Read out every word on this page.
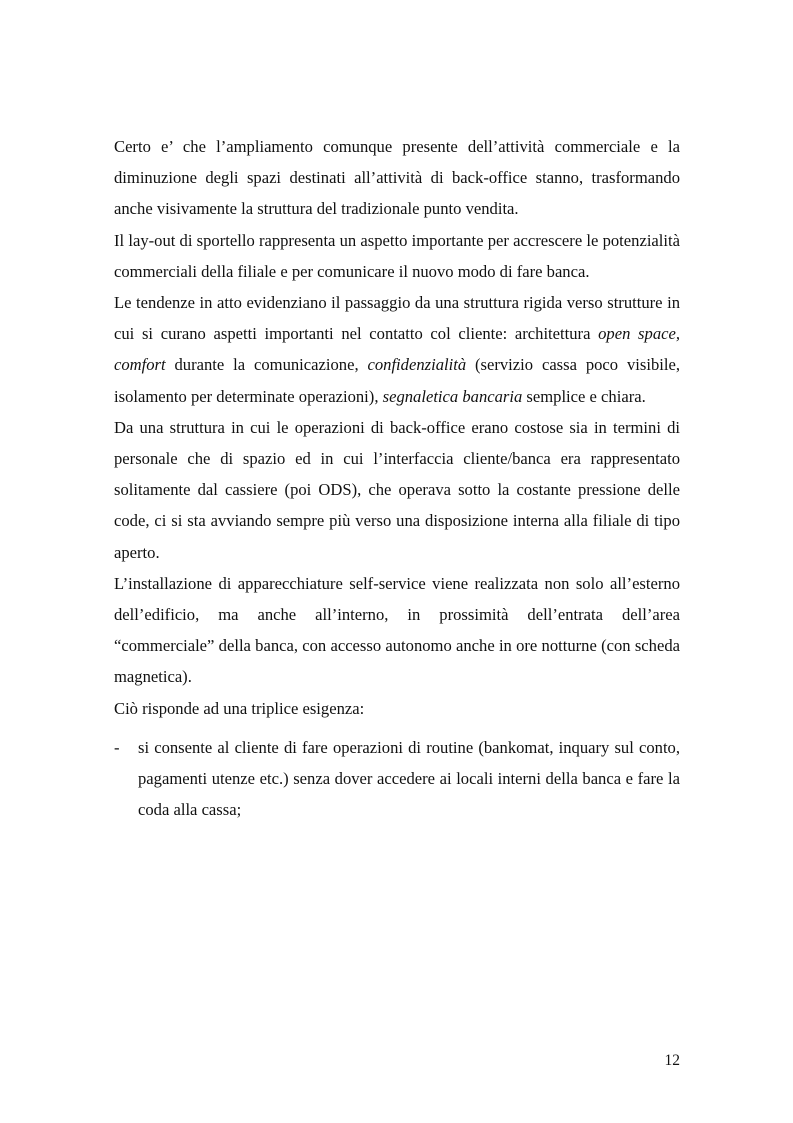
Certo e’ che l’ampliamento comunque presente dell’attività commerciale e la diminuzione degli spazi destinati all’attività di back-office stanno, trasformando anche visivamente la struttura del tradizionale punto vendita.

Il lay-out di sportello rappresenta un aspetto importante per accrescere le potenzialità commerciali della filiale e per comunicare il nuovo modo di fare banca.

Le tendenze in atto evidenziano il passaggio da una struttura rigida verso strutture in cui si curano aspetti importanti nel contatto col cliente: architettura open space, comfort durante la comunicazione, confidenzialità (servizio cassa poco visibile, isolamento per determinate operazioni), segnaletica bancaria semplice e chiara.

Da una struttura in cui le operazioni di back-office erano costose sia in termini di personale che di spazio ed in cui l’interfaccia cliente/banca era rappresentato solitamente dal cassiere (poi ODS), che operava sotto la costante pressione delle code, ci si sta avviando sempre più verso una disposizione interna alla filiale di tipo aperto.

L’installazione di apparecchiature self-service viene realizzata non solo all’esterno dell’edificio, ma anche all’interno, in prossimità dell’entrata dell’area “commerciale” della banca, con accesso autonomo anche in ore notturne (con scheda magnetica).

Ciò risponde ad una triplice esigenza:

- si consente al cliente di fare operazioni di routine (bankomat, inquary sul conto, pagamenti utenze etc.) senza dover accedere ai locali interni della banca e fare la coda alla cassa;
12
